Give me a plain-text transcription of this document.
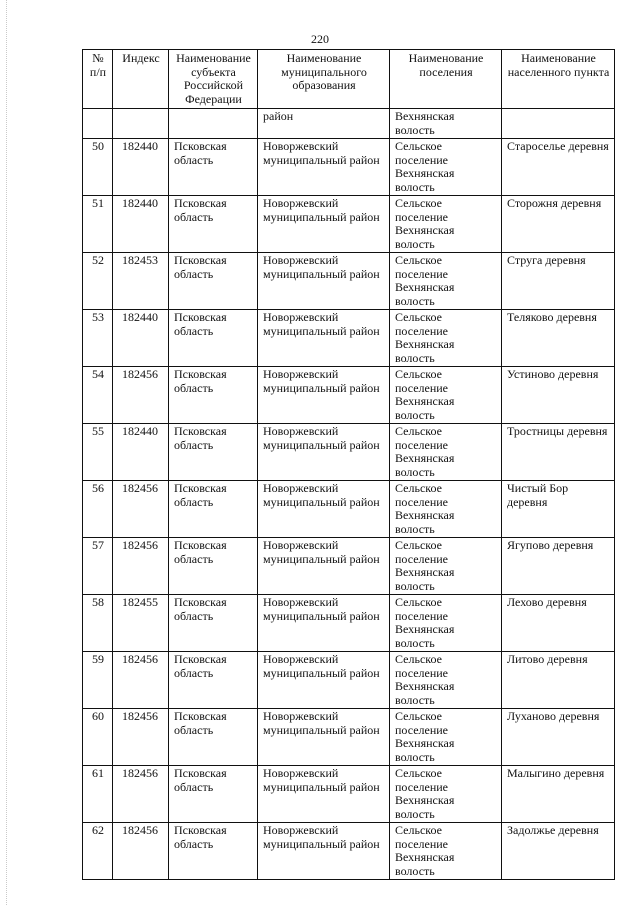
220
№ п/п	Индекс	Наименование субъекта Российской Федерации	Наименование муниципального образования	Наименование поселения	Наименование населенного пункта
			район	Вехнянская волость	
50	182440	Псковская область	Новоржевский муниципальный район	Сельское поселение Вехнянская волость	Староселье деревня
51	182440	Псковская область	Новоржевский муниципальный район	Сельское поселение Вехнянская волость	Сторожня деревня
52	182453	Псковская область	Новоржевский муниципальный район	Сельское поселение Вехнянская волость	Струга деревня
53	182440	Псковская область	Новоржевский муниципальный район	Сельское поселение Вехнянская волость	Теляково деревня
54	182456	Псковская область	Новоржевский муниципальный район	Сельское поселение Вехнянская волость	Устиново деревня
55	182440	Псковская область	Новоржевский муниципальный район	Сельское поселение Вехнянская волость	Тростницы деревня
56	182456	Псковская область	Новоржевский муниципальный район	Сельское поселение Вехнянская волость	Чистый Бор деревня
57	182456	Псковская область	Новоржевский муниципальный район	Сельское поселение Вехнянская волость	Ягупово деревня
58	182455	Псковская область	Новоржевский муниципальный район	Сельское поселение Вехнянская волость	Лехово деревня
59	182456	Псковская область	Новоржевский муниципальный район	Сельское поселение Вехнянская волость	Литово деревня
60	182456	Псковская область	Новоржевский муниципальный район	Сельское поселение Вехнянская волость	Луханово деревня
61	182456	Псковская область	Новоржевский муниципальный район	Сельское поселение Вехнянская волость	Малыгино деревня
62	182456	Псковская область	Новоржевский муниципальный район	Сельское поселение Вехнянская волость	Задолжье деревня
